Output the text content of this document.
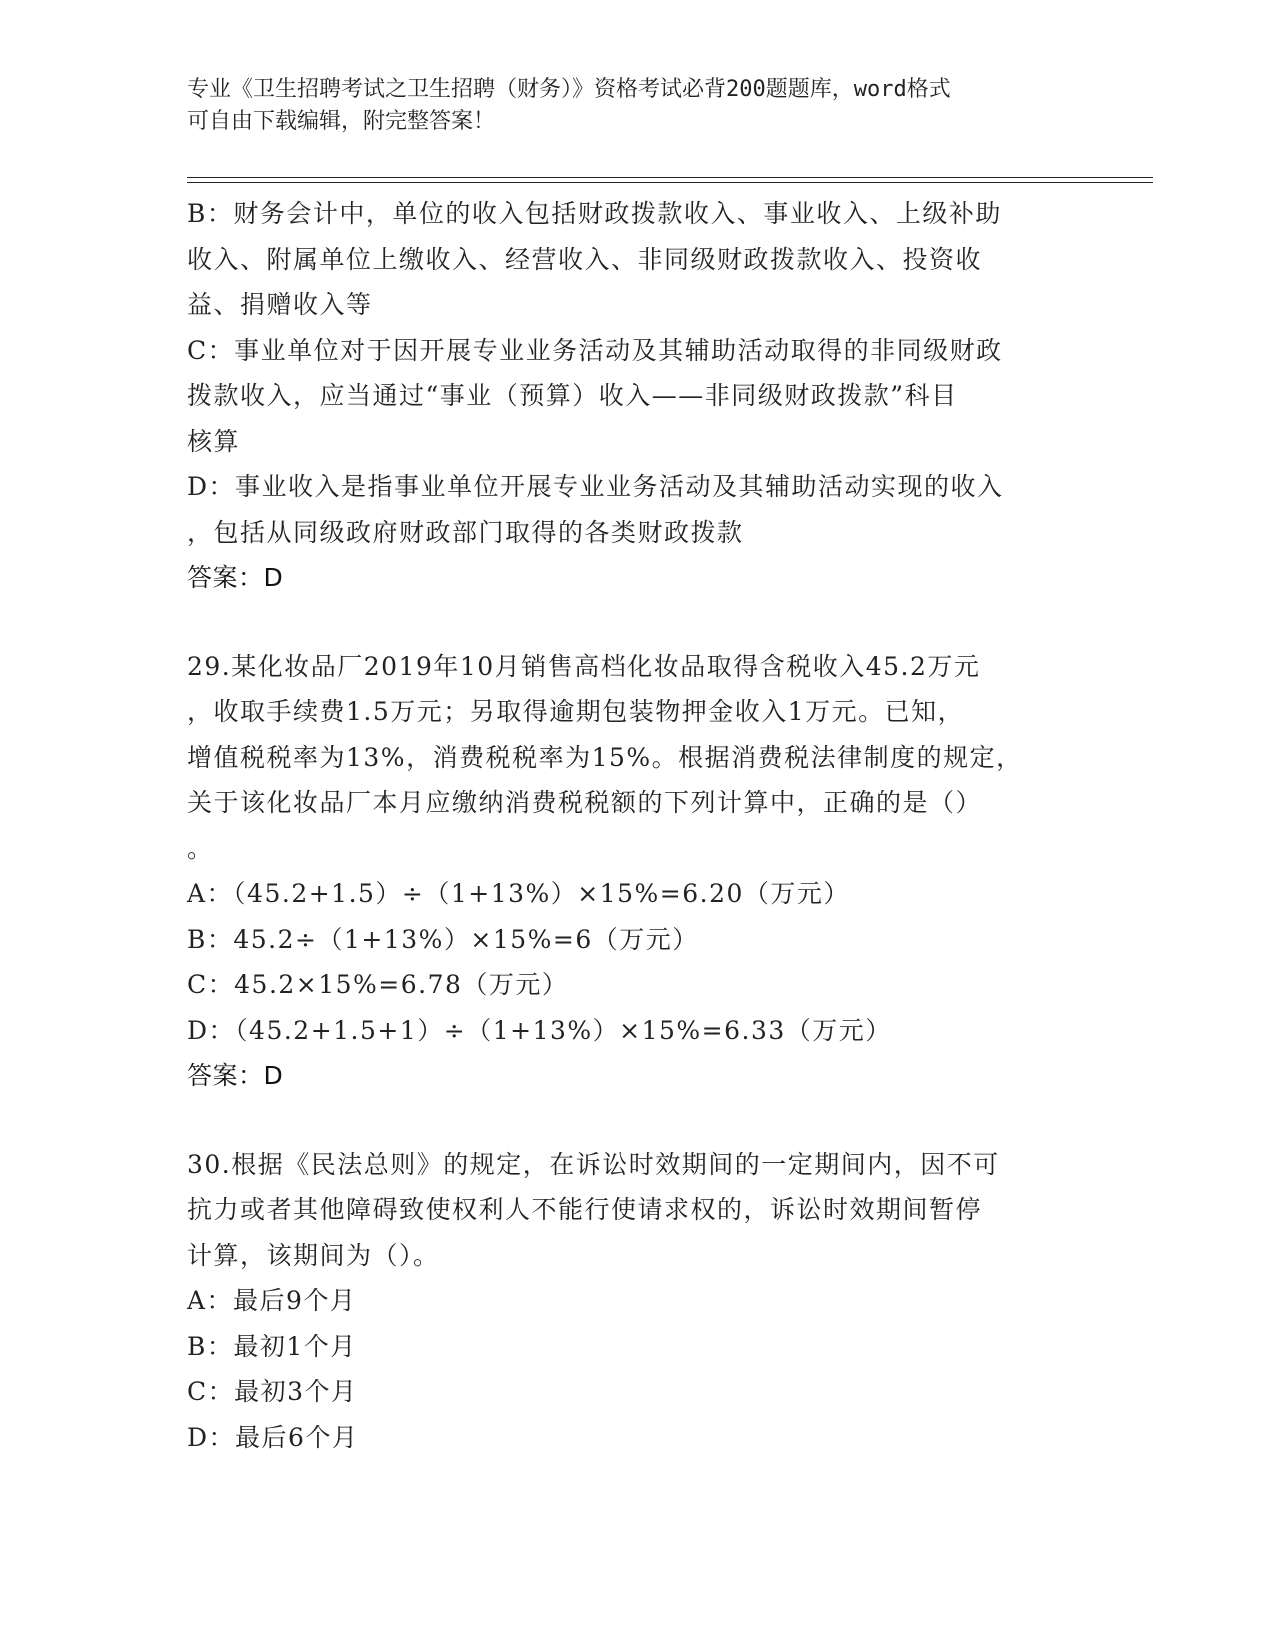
专业《卫生招聘考试之卫生招聘（财务）》资格考试必背200题题库，word格式
可自由下载编辑，附完整答案！
B：财务会计中，单位的收入包括财政拨款收入、事业收入、上级补助
收入、附属单位上缴收入、经营收入、非同级财政拨款收入、投资收
益、捐赠收入等
C：事业单位对于因开展专业业务活动及其辅助活动取得的非同级财政
拨款收入，应当通过“事业（预算）收入——非同级财政拨款”科目
核算
D：事业收入是指事业单位开展专业业务活动及其辅助活动实现的收入
，包括从同级政府财政部门取得的各类财政拨款
答案：D
29.某化妆品厂2019年10月销售高档化妆品取得含税收入45.2万元
，收取手续费1.5万元；另取得逾期包装物押金收入1万元。已知，
增值税税率为13%，消费税税率为15%。根据消费税法律制度的规定，
关于该化妆品厂本月应缴纳消费税税额的下列计算中，正确的是（）
。
A：（45.2+1.5）÷（1+13%）×15%=6.20（万元）
B：45.2÷（1+13%）×15%=6（万元）
C：45.2×15%=6.78（万元）
D：（45.2+1.5+1）÷（1+13%）×15%=6.33（万元）
答案：D
30.根据《民法总则》的规定，在诉讼时效期间的一定期间内，因不可
抗力或者其他障碍致使权利人不能行使请求权的，诉讼时效期间暂停
计算，该期间为（）。
A：最后9个月
B：最初1个月
C：最初3个月
D：最后6个月
